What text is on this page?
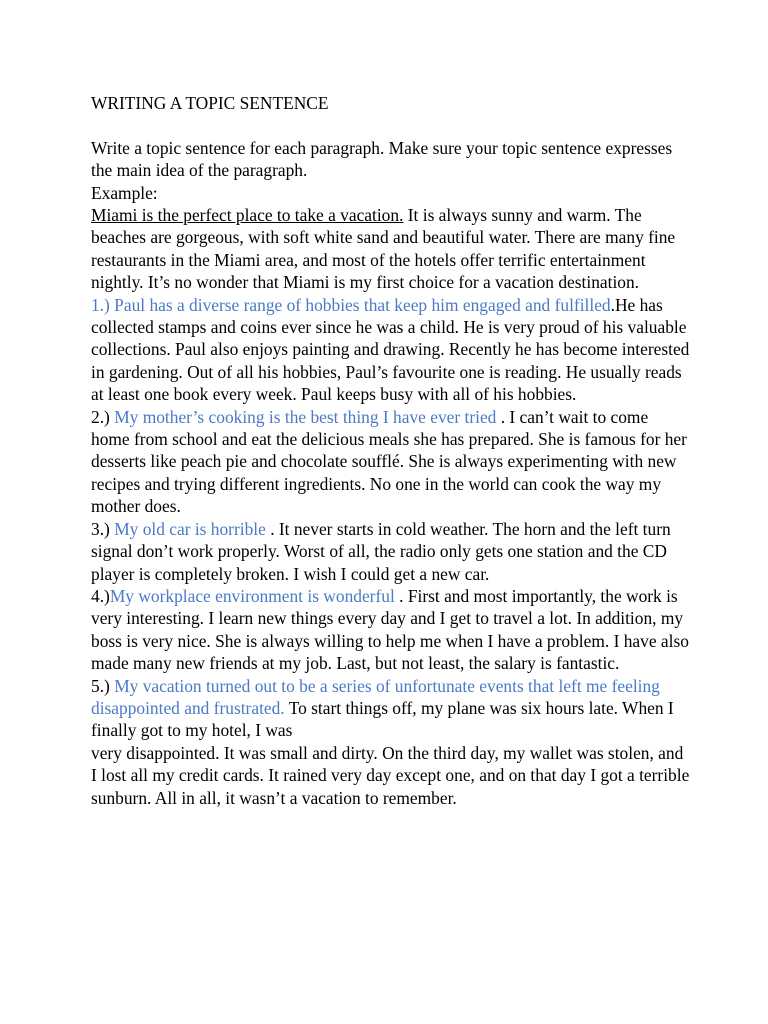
WRITING A TOPIC SENTENCE

Write a topic sentence for each paragraph. Make sure your topic sentence expresses the main idea of the paragraph.

Example:

Miami is the perfect place to take a vacation. It is always sunny and warm. The beaches are gorgeous, with soft white sand and beautiful water. There are many fine restaurants in the Miami area, and most of the hotels offer terrific entertainment nightly. It’s no wonder that Miami is my first choice for a vacation destination.

1.) Paul has a diverse range of hobbies that keep him engaged and fulfilled.He has collected stamps and coins ever since he was a child. He is very proud of his valuable collections. Paul also enjoys painting and drawing. Recently he has become interested in gardening. Out of all his hobbies, Paul’s favourite one is reading. He usually reads at least one book every week. Paul keeps busy with all of his hobbies.

2.) My mother’s cooking is the best thing I have ever tried . I can’t wait to come home from school and eat the delicious meals she has prepared. She is famous for her desserts like peach pie and chocolate soufflé. She is always experimenting with new recipes and trying different ingredients. No one in the world can cook the way my mother does.

3.) My old car is horrible . It never starts in cold weather. The horn and the left turn signal don’t work properly. Worst of all, the radio only gets one station and the CD player is completely broken. I wish I could get a new car.

4.)My workplace environment is wonderful . First and most importantly, the work is very interesting. I learn new things every day and I get to travel a lot. In addition, my boss is very nice. She is always willing to help me when I have a problem. I have also made many new friends at my job. Last, but not least, the salary is fantastic.

5.) My vacation turned out to be a series of unfortunate events that left me feeling disappointed and frustrated. To start things off, my plane was six hours late. When I finally got to my hotel, I was
very disappointed. It was small and dirty. On the third day, my wallet was stolen, and I lost all my credit cards. It rained very day except one, and on that day I got a terrible sunburn. All in all, it wasn’t a vacation to remember.
